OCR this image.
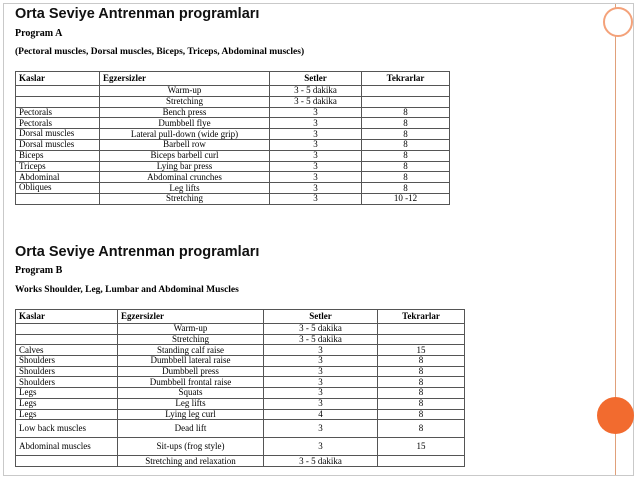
Orta Seviye Antrenman programları
Program A
(Pectoral muscles, Dorsal muscles, Biceps, Triceps, Abdominal muscles)
Kaslar	Egzersizler	Setler	Tekrarlar
	Warm-up	3 - 5 dakika	
	Stretching	3 - 5 dakika	
Pectorals	Bench press	3	8
Pectorals	Dumbbell flye	3	8
Dorsal muscles	Lateral pull-down (wide grip)	3	8
Dorsal muscles	Barbell row	3	8
Biceps	Biceps barbell curl	3	8
Triceps	Lying bar press	3	8
Abdominal	Abdominal crunches	3	8
Obliques	Leg lifts	3	8
	Stretching	3	10 -12
Orta Seviye Antrenman programları
Program B
Works Shoulder, Leg, Lumbar and Abdominal Muscles
Kaslar	Egzersizler	Setler	Tekrarlar
	Warm-up	3 - 5 dakika	
	Stretching	3 - 5 dakika	
Calves	Standing calf raise	3	15
Shoulders	Dumbbell lateral raise	3	8
Shoulders	Dumbbell press	3	8
Shoulders	Dumbbell frontal raise	3	8
Legs	Squats	3	8
Legs	Leg lifts	3	8
Legs	Lying leg curl	4	8
Low back muscles	Dead lift	3	8
Abdominal muscles	Sit-ups (frog style)	3	15
	Stretching and relaxation	3 - 5 dakika	
